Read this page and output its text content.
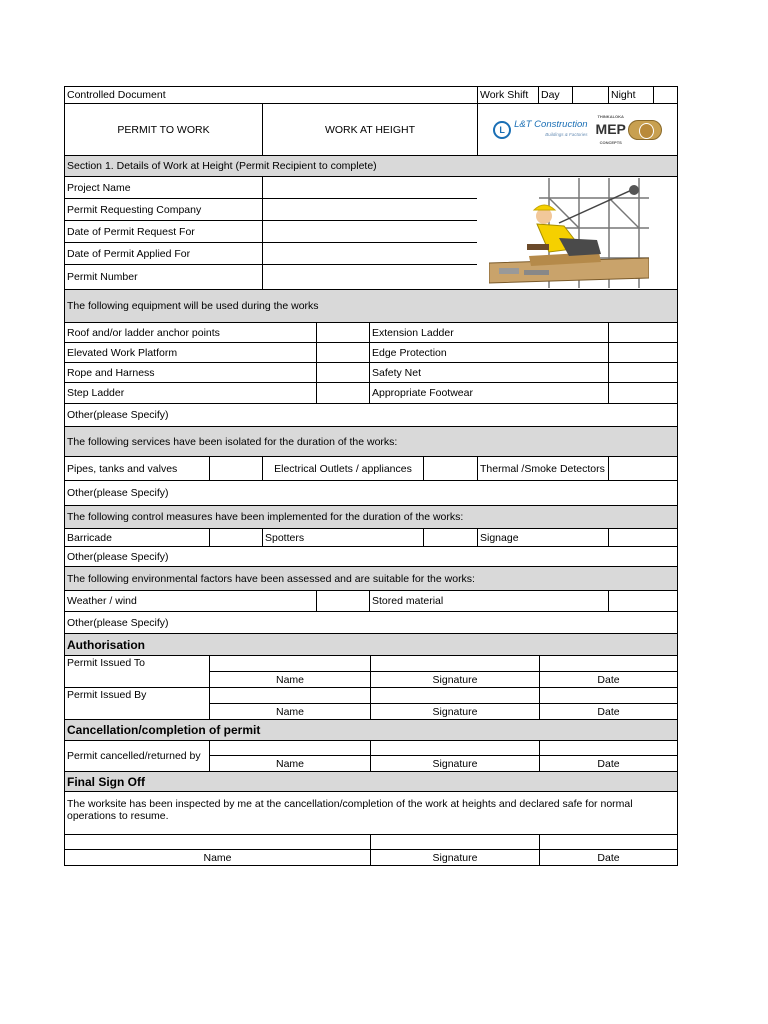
Controlled Document	Work Shift	Day	Night
PERMIT TO WORK	WORK AT HEIGHT	L L&T Construction
Buildings & Factories
THINKALOKA
MEP
CONCEPTS
Section 1. Details of Work at Height (Permit Recipient to complete)
Project Name
Permit Requesting Company
Date of Permit Request For
Date of Permit Applied For
Permit Number
The following equipment will be used during the works
Roof and/or ladder anchor points	Extension Ladder
Elevated Work Platform	Edge Protection
Rope and Harness	Safety Net
Step Ladder	Appropriate Footwear
Other(please Specify)
The following services have been isolated for the duration of the works:
Pipes, tanks and valves	Electrical Outlets / appliances	Thermal /Smoke Detectors
Other(please Specify)
The following control measures have been implemented for the duration of the works:
Barricade	Spotters	Signage
Other(please Specify)
The following environmental factors have been assessed and are suitable for the works:
Weather / wind	Stored material
Other(please Specify)
Authorisation
Permit Issued To
Name	Signature	Date
Permit Issued By
Name	Signature	Date
Cancellation/completion of permit
Permit cancelled/returned by
Name	Signature	Date
Final Sign Off
The worksite has been inspected by me at the cancellation/completion of the work at heights and declared safe for normal operations to resume.
Name	Signature	Date
